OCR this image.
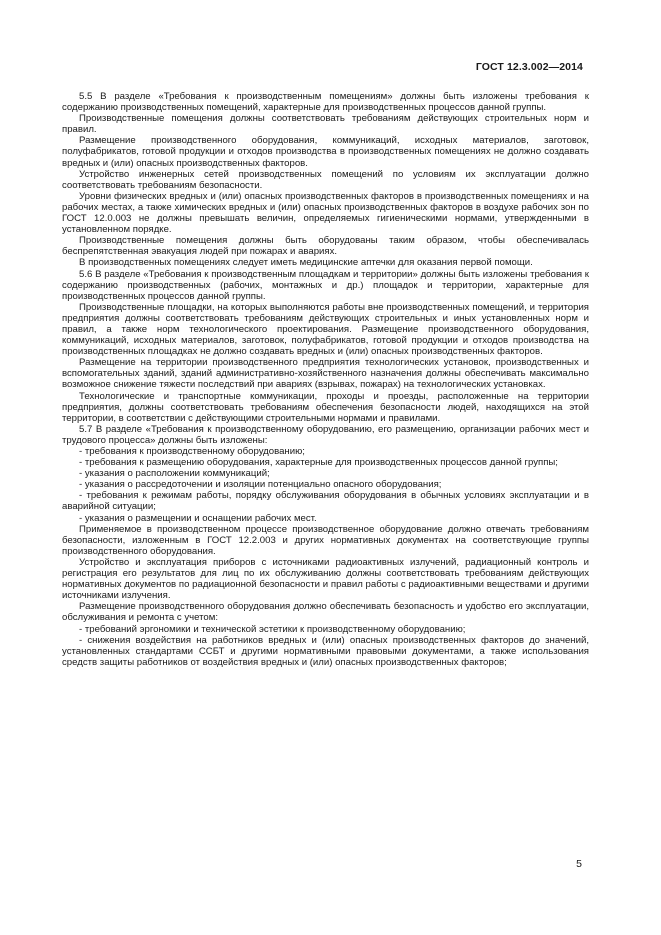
ГОСТ 12.3.002—2014

5.5 В разделе «Требования к производственным помещениям» должны быть изложены требования к содержанию производственных помещений, характерные для производственных процессов данной группы.

Производственные помещения должны соответствовать требованиям действующих строительных норм и правил.

Размещение производственного оборудования, коммуникаций, исходных материалов, заготовок, полуфабрикатов, готовой продукции и отходов производства в производственных помещениях не должно создавать вредных и (или) опасных производственных факторов.

Устройство инженерных сетей производственных помещений по условиям их эксплуатации должно соответствовать требованиям безопасности.

Уровни физических вредных и (или) опасных производственных факторов в производственных помещениях и на рабочих местах, а также химических вредных и (или) опасных производственных факторов в воздухе рабочих зон по ГОСТ 12.0.003 не должны превышать величин, определяемых гигиеническими нормами, утвержденными в установленном порядке.

Производственные помещения должны быть оборудованы таким образом, чтобы обеспечивалась беспрепятственная эвакуация людей при пожарах и авариях.

В производственных помещениях следует иметь медицинские аптечки для оказания первой помощи.

5.6 В разделе «Требования к производственным площадкам и территории» должны быть изложены требования к содержанию производственных (рабочих, монтажных и др.) площадок и территории, характерные для производственных процессов данной группы.

Производственные площадки, на которых выполняются работы вне производственных помещений, и территория предприятия должны соответствовать требованиям действующих строительных и иных установленных норм и правил, а также норм технологического проектирования. Размещение производственного оборудования, коммуникаций, исходных материалов, заготовок, полуфабрикатов, готовой продукции и отходов производства на производственных площадках не должно создавать вредных и (или) опасных производственных факторов.

Размещение на территории производственного предприятия технологических установок, производственных и вспомогательных зданий, зданий административно-хозяйственного назначения должны обеспечивать максимально возможное снижение тяжести последствий при авариях (взрывах, пожарах) на технологических установках.

Технологические и транспортные коммуникации, проходы и проезды, расположенные на территории предприятия, должны соответствовать требованиям обеспечения безопасности людей, находящихся на этой территории, в соответствии с действующими строительными нормами и правилами.

5.7 В разделе «Требования к производственному оборудованию, его размещению, организации рабочих мест и трудового процесса» должны быть изложены:

- требования к производственному оборудованию;

- требования к размещению оборудования, характерные для производственных процессов данной группы;

- указания о расположении коммуникаций;

- указания о рассредоточении и изоляции потенциально опасного оборудования;

- требования к режимам работы, порядку обслуживания оборудования в обычных условиях эксплуатации и в аварийной ситуации;

- указания о размещении и оснащении рабочих мест.

Применяемое в производственном процессе производственное оборудование должно отвечать требованиям безопасности, изложенным в ГОСТ 12.2.003 и других нормативных документах на соответствующие группы производственного оборудования.

Устройство и эксплуатация приборов с источниками радиоактивных излучений, радиационный контроль и регистрация его результатов для лиц по их обслуживанию должны соответствовать требованиям действующих нормативных документов по радиационной безопасности и правил работы с радиоактивными веществами и другими источниками излучения.

Размещение производственного оборудования должно обеспечивать безопасность и удобство его эксплуатации, обслуживания и ремонта с учетом:

- требований эргономики и технической эстетики к производственному оборудованию;

- снижения воздействия на работников вредных и (или) опасных производственных факторов до значений, установленных стандартами ССБТ и другими нормативными правовыми документами, а также использования средств защиты работников от воздействия вредных и (или) опасных производственных факторов;

5
